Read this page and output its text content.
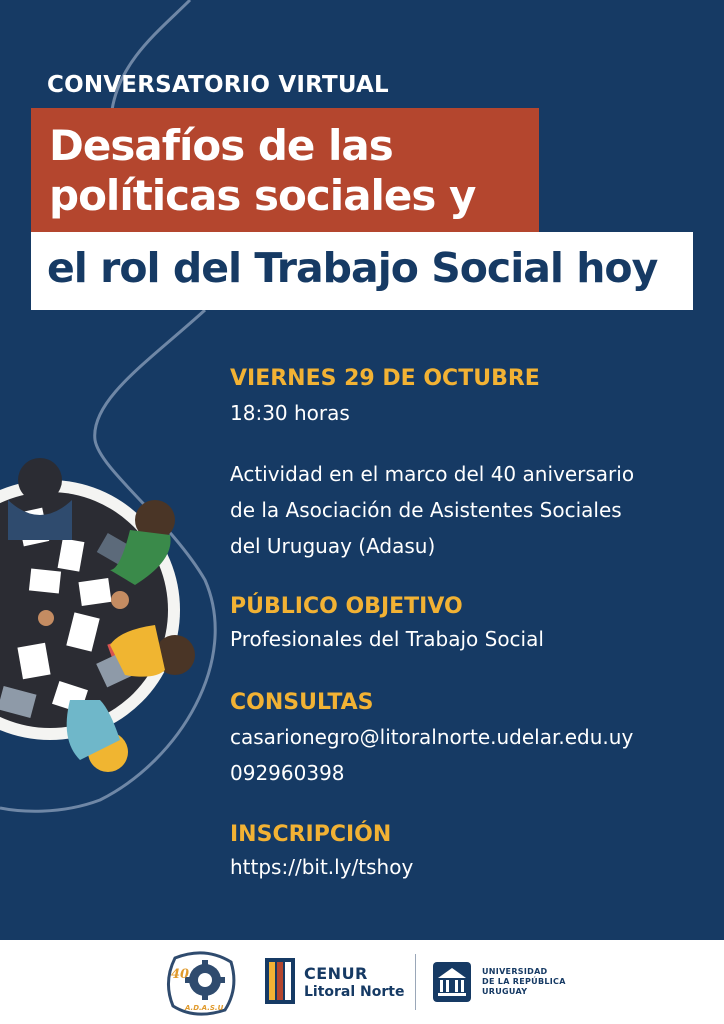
CONVERSATORIO VIRTUAL
Desafíos de las
políticas sociales y
el rol del Trabajo Social hoy
VIERNES 29 DE OCTUBRE
18:30 horas
Actividad en el marco del 40 aniversario
de la Asociación de Asistentes Sociales
del Uruguay (Adasu)
PÚBLICO OBJETIVO
Profesionales del Trabajo Social
CONSULTAS
casarionegro@litoralnorte.udelar.edu.uy
092960398
INSCRIPCIÓN
https://bit.ly/tshoy
40
A.D.A.S.U
CENUR
Litoral Norte
UNIVERSIDAD
DE LA REPÚBLICA
URUGUAY
